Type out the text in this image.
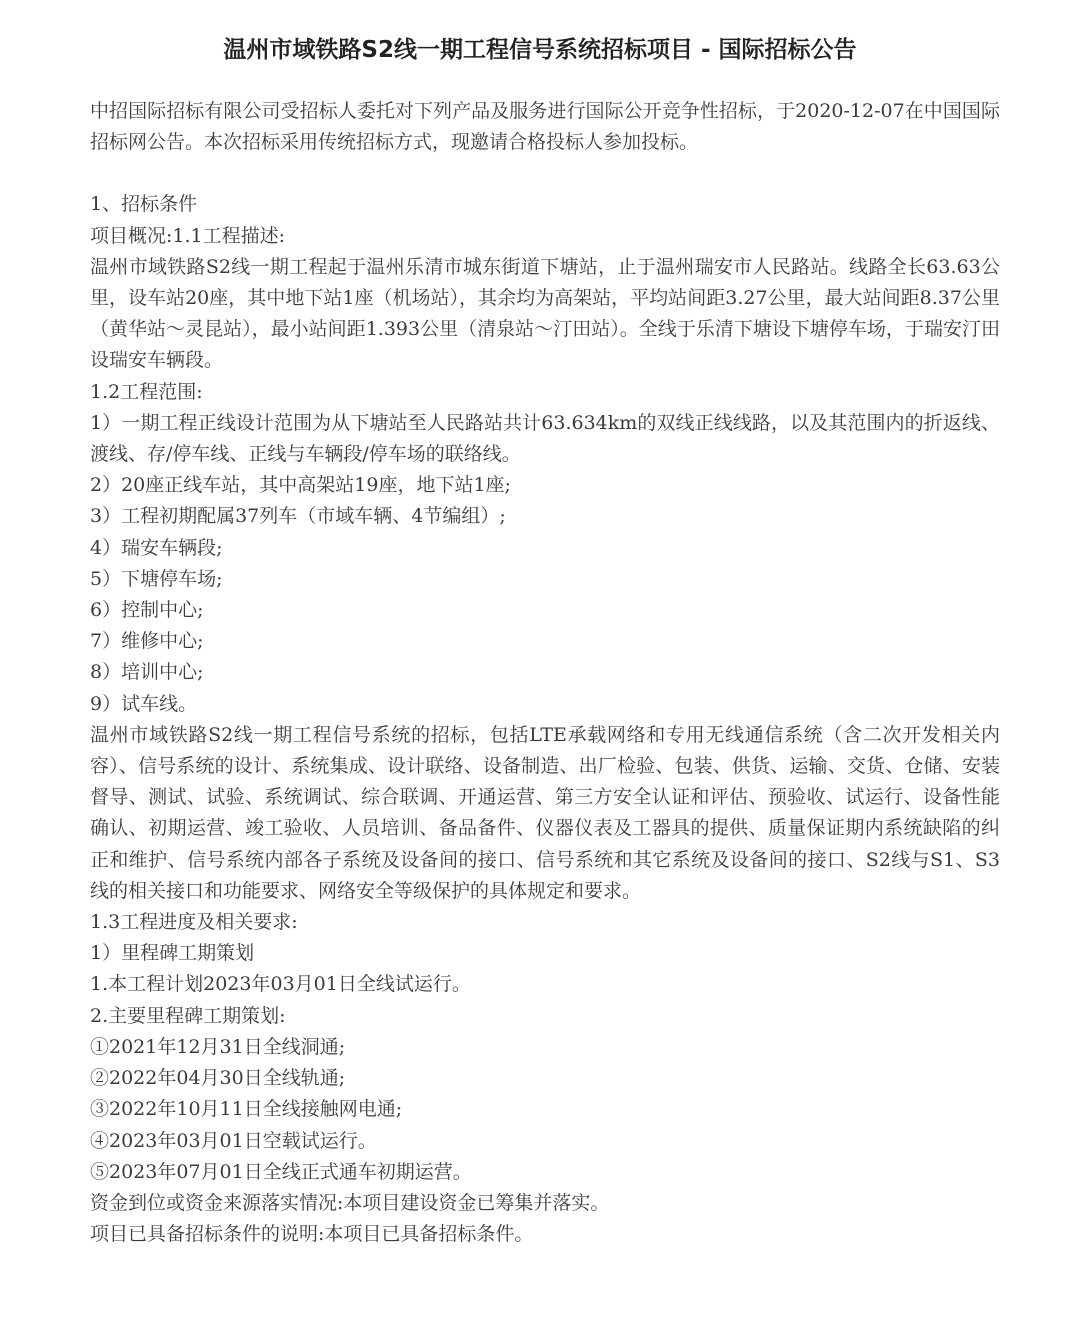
温州市域铁路S2线一期工程信号系统招标项目 - 国际招标公告

中招国际招标有限公司受招标人委托对下列产品及服务进行国际公开竞争性招标，于2020-12-07在中国国际招标网公告。本次招标采用传统招标方式，现邀请合格投标人参加投标。

1、招标条件

项目概况:1.1工程描述:

温州市域铁路S2线一期工程起于温州乐清市城东街道下塘站，止于温州瑞安市人民路站。线路全长63.63公里，设车站20座，其中地下站1座（机场站），其余均为高架站，平均站间距3.27公里，最大站间距8.37公里（黄华站～灵昆站），最小站间距1.393公里（清泉站～汀田站）。全线于乐清下塘设下塘停车场，于瑞安汀田设瑞安车辆段。

1.2工程范围:

1）一期工程正线设计范围为从下塘站至人民路站共计63.634km的双线正线线路，以及其范围内的折返线、渡线、存/停车线、正线与车辆段/停车场的联络线。

2）20座正线车站，其中高架站19座，地下站1座;

3）工程初期配属37列车（市域车辆、4节编组）;

4）瑞安车辆段;

5）下塘停车场;

6）控制中心;

7）维修中心;

8）培训中心;

9）试车线。

温州市域铁路S2线一期工程信号系统的招标，包括LTE承载网络和专用无线通信系统（含二次开发相关内容）、信号系统的设计、系统集成、设计联络、设备制造、出厂检验、包装、供货、运输、交货、仓储、安装督导、测试、试验、系统调试、综合联调、开通运营、第三方安全认证和评估、预验收、试运行、设备性能确认、初期运营、竣工验收、人员培训、备品备件、仪器仪表及工器具的提供、质量保证期内系统缺陷的纠正和维护、信号系统内部各子系统及设备间的接口、信号系统和其它系统及设备间的接口、S2线与S1、S3线的相关接口和功能要求、网络安全等级保护的具体规定和要求。

1.3工程进度及相关要求:

1）里程碑工期策划

1.本工程计划2023年03月01日全线试运行。

2.主要里程碑工期策划:

①2021年12月31日全线洞通;

②2022年04月30日全线轨通;

③2022年10月11日全线接触网电通;

④2023年03月01日空载试运行。

⑤2023年07月01日全线正式通车初期运营。

资金到位或资金来源落实情况:本项目建设资金已筹集并落实。

项目已具备招标条件的说明:本项目已具备招标条件。
